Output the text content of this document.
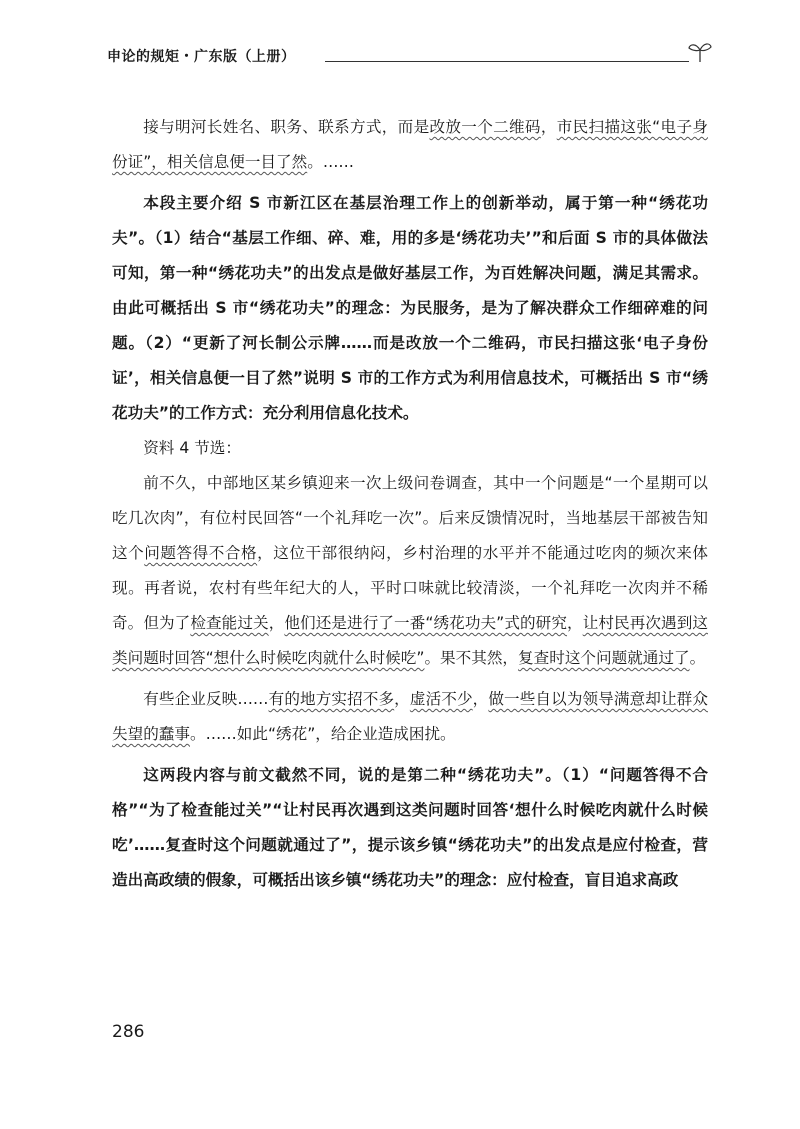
申论的规矩・广东版（上册）

接与明河长姓名、职务、联系方式，而是改放一个二维码，市民扫描这张“电子身份证”，相关信息便一目了然。……

本段主要介绍 S 市新江区在基层治理工作上的创新举动，属于第一种“绣花功夫”。（1）结合“基层工作细、碎、难，用的多是‘绣花功夫’”和后面 S 市的具体做法可知，第一种“绣花功夫”的出发点是做好基层工作，为百姓解决问题，满足其需求。由此可概括出 S 市“绣花功夫”的理念：为民服务，是为了解决群众工作细碎难的问题。（2）“更新了河长制公示牌……而是改放一个二维码，市民扫描这张‘电子身份证’，相关信息便一目了然”说明 S 市的工作方式为利用信息技术，可概括出 S 市“绣花功夫”的工作方式：充分利用信息化技术。

资料 4 节选：

前不久，中部地区某乡镇迎来一次上级问卷调查，其中一个问题是“一个星期可以吃几次肉”，有位村民回答“一个礼拜吃一次”。后来反馈情况时，当地基层干部被告知这个问题答得不合格，这位干部很纳闷，乡村治理的水平并不能通过吃肉的频次来体现。再者说，农村有些年纪大的人，平时口味就比较清淡，一个礼拜吃一次肉并不稀奇。但为了检查能过关，他们还是进行了一番“绣花功夫”式的研究，让村民再次遇到这类问题时回答“想什么时候吃肉就什么时候吃”。果不其然，复查时这个问题就通过了。

有些企业反映……有的地方实招不多，虚活不少，做一些自以为领导满意却让群众失望的蠢事。……如此“绣花”，给企业造成困扰。

这两段内容与前文截然不同，说的是第二种“绣花功夫”。（1）“问题答得不合格”“为了检查能过关”“让村民再次遇到这类问题时回答‘想什么时候吃肉就什么时候吃’……复查时这个问题就通过了”，提示该乡镇“绣花功夫”的出发点是应付检查，营造出高政绩的假象，可概括出该乡镇“绣花功夫”的理念：应付检查，盲目追求高政

286
